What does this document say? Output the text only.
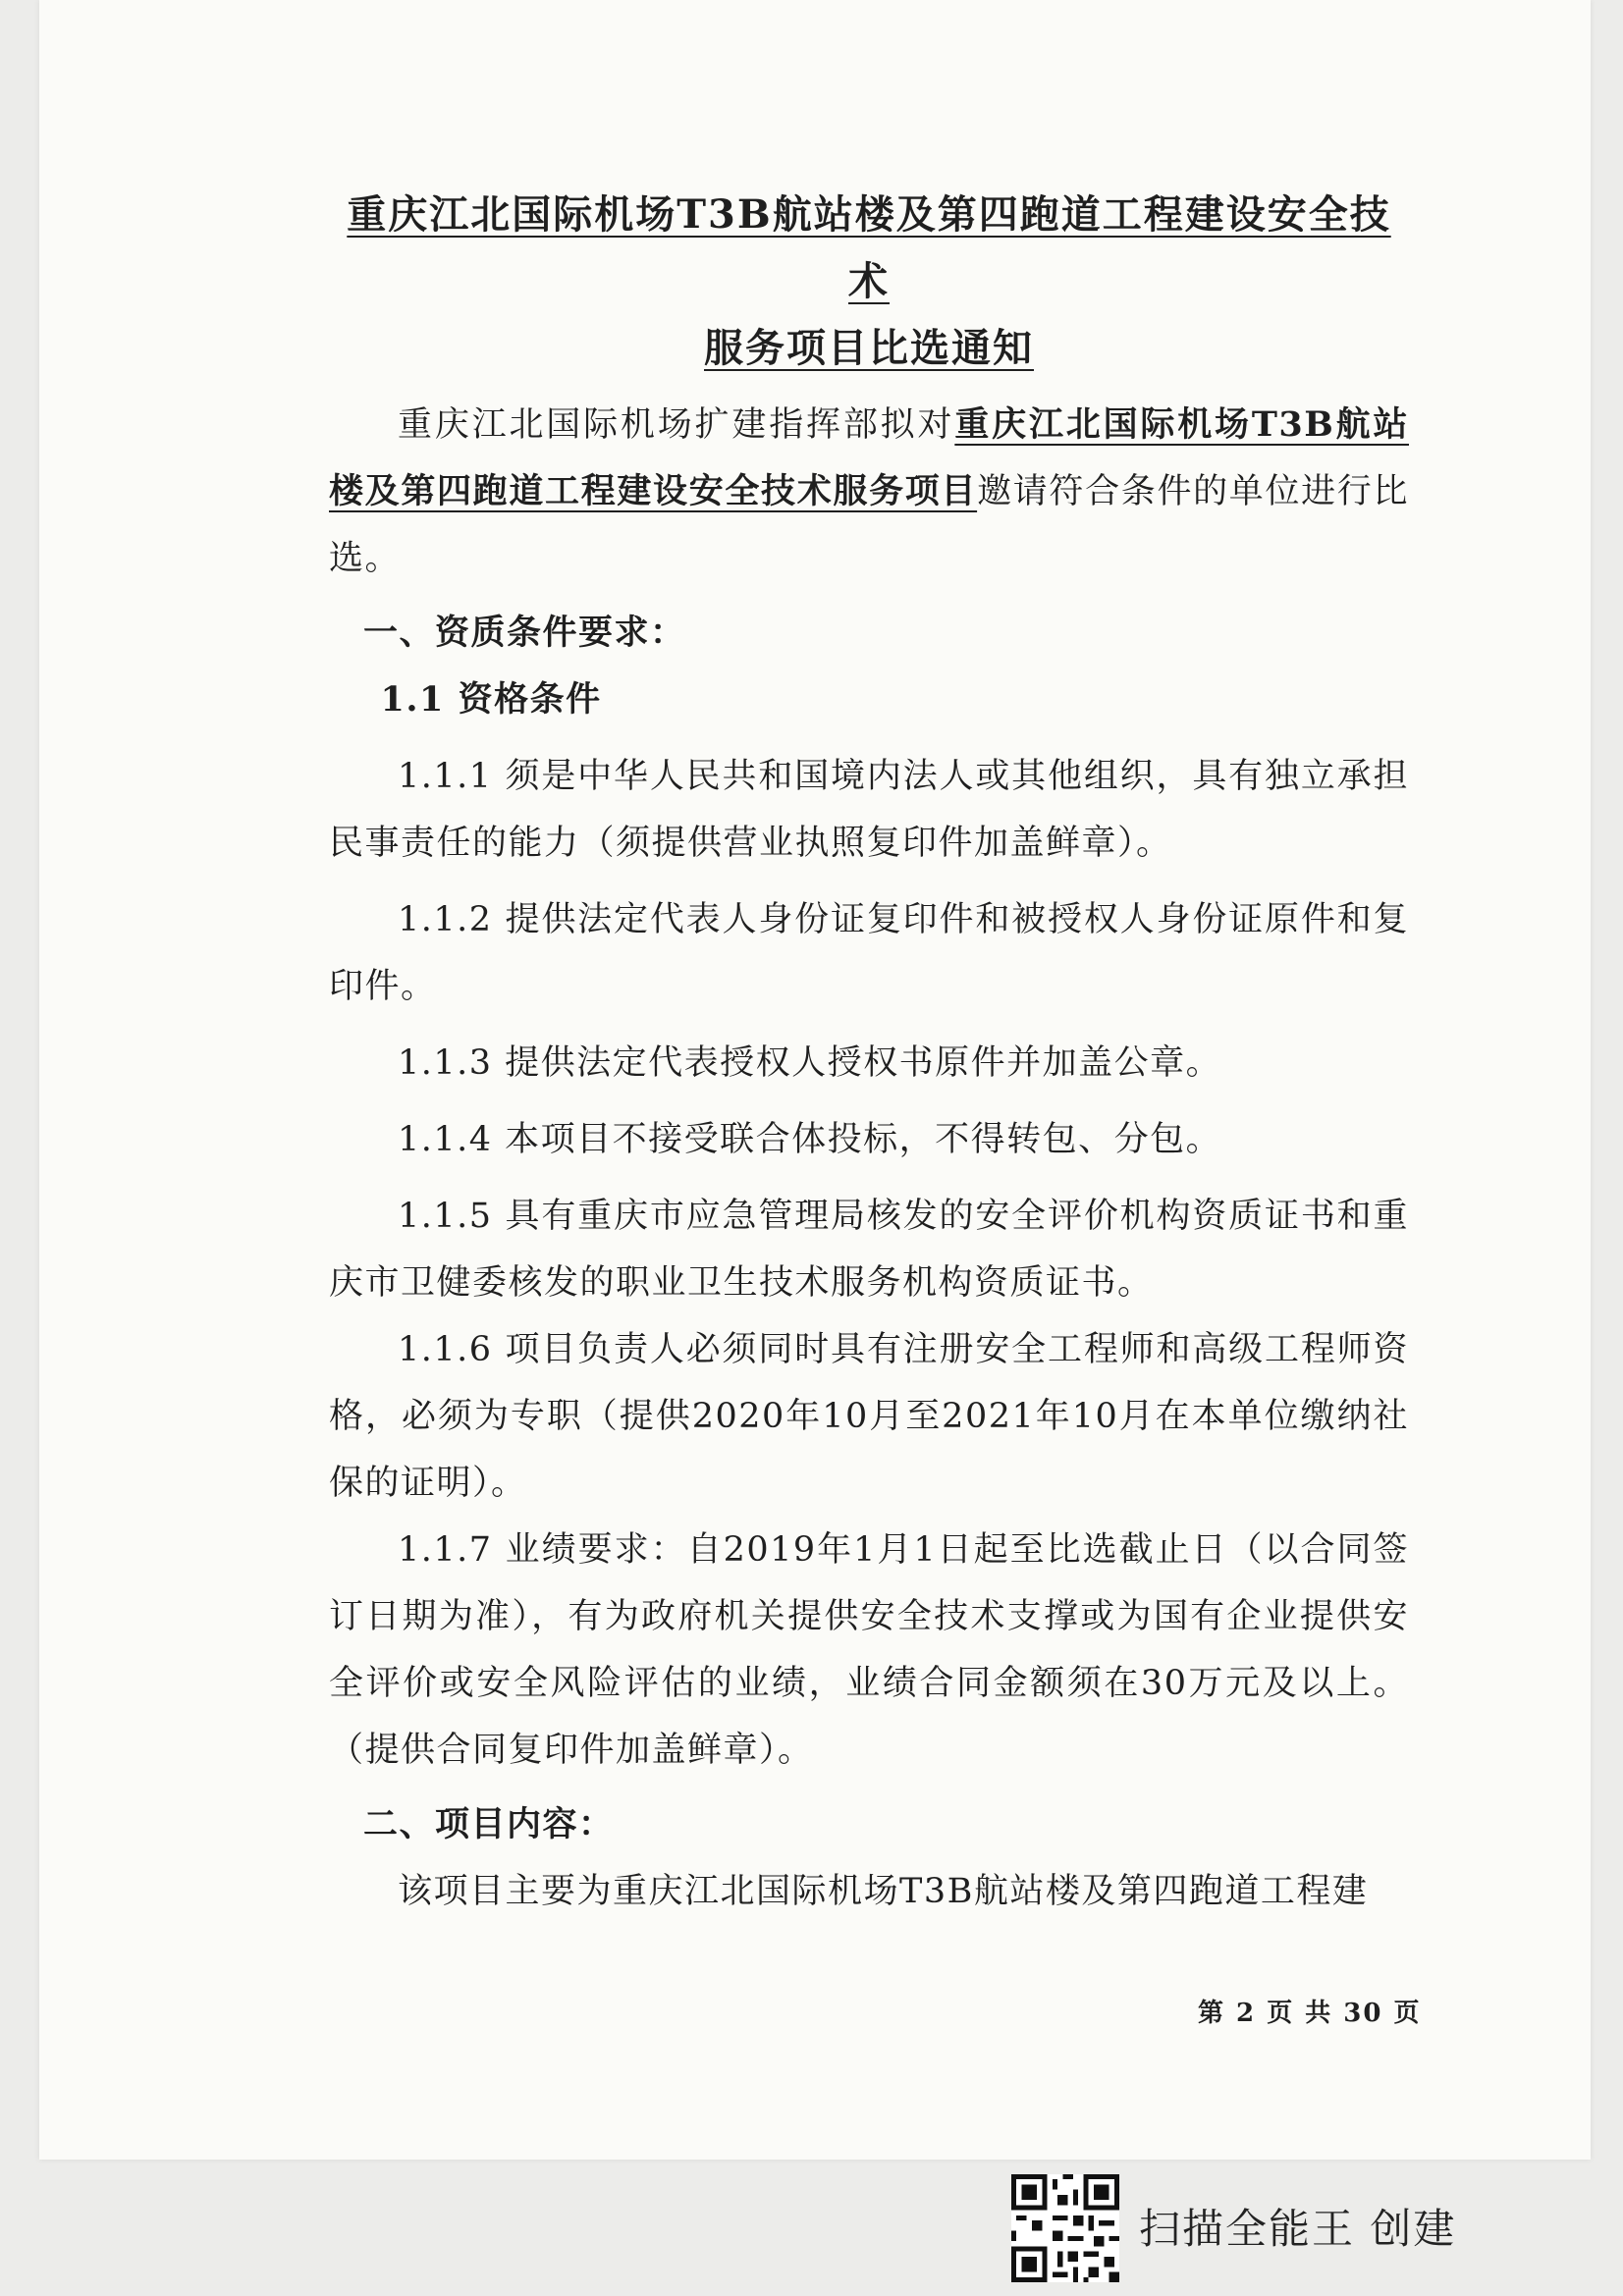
重庆江北国际机场T3B航站楼及第四跑道工程建设安全技术
服务项目比选通知

重庆江北国际机场扩建指挥部拟对重庆江北国际机场T3B航站楼及第四跑道工程建设安全技术服务项目邀请符合条件的单位进行比选。

一、资质条件要求：

1.1 资格条件

1.1.1 须是中华人民共和国境内法人或其他组织，具有独立承担民事责任的能力（须提供营业执照复印件加盖鲜章）。

1.1.2 提供法定代表人身份证复印件和被授权人身份证原件和复印件。

1.1.3 提供法定代表授权人授权书原件并加盖公章。

1.1.4 本项目不接受联合体投标，不得转包、分包。

1.1.5 具有重庆市应急管理局核发的安全评价机构资质证书和重庆市卫健委核发的职业卫生技术服务机构资质证书。

1.1.6 项目负责人必须同时具有注册安全工程师和高级工程师资格，必须为专职（提供2020年10月至2021年10月在本单位缴纳社保的证明）。

1.1.7 业绩要求：自2019年1月1日起至比选截止日（以合同签订日期为准），有为政府机关提供安全技术支撑或为国有企业提供安全评价或安全风险评估的业绩，业绩合同金额须在30万元及以上。（提供合同复印件加盖鲜章）。

二、项目内容：

该项目主要为重庆江北国际机场T3B航站楼及第四跑道工程建

第 2 页 共 30 页
扫描全能王 创建
